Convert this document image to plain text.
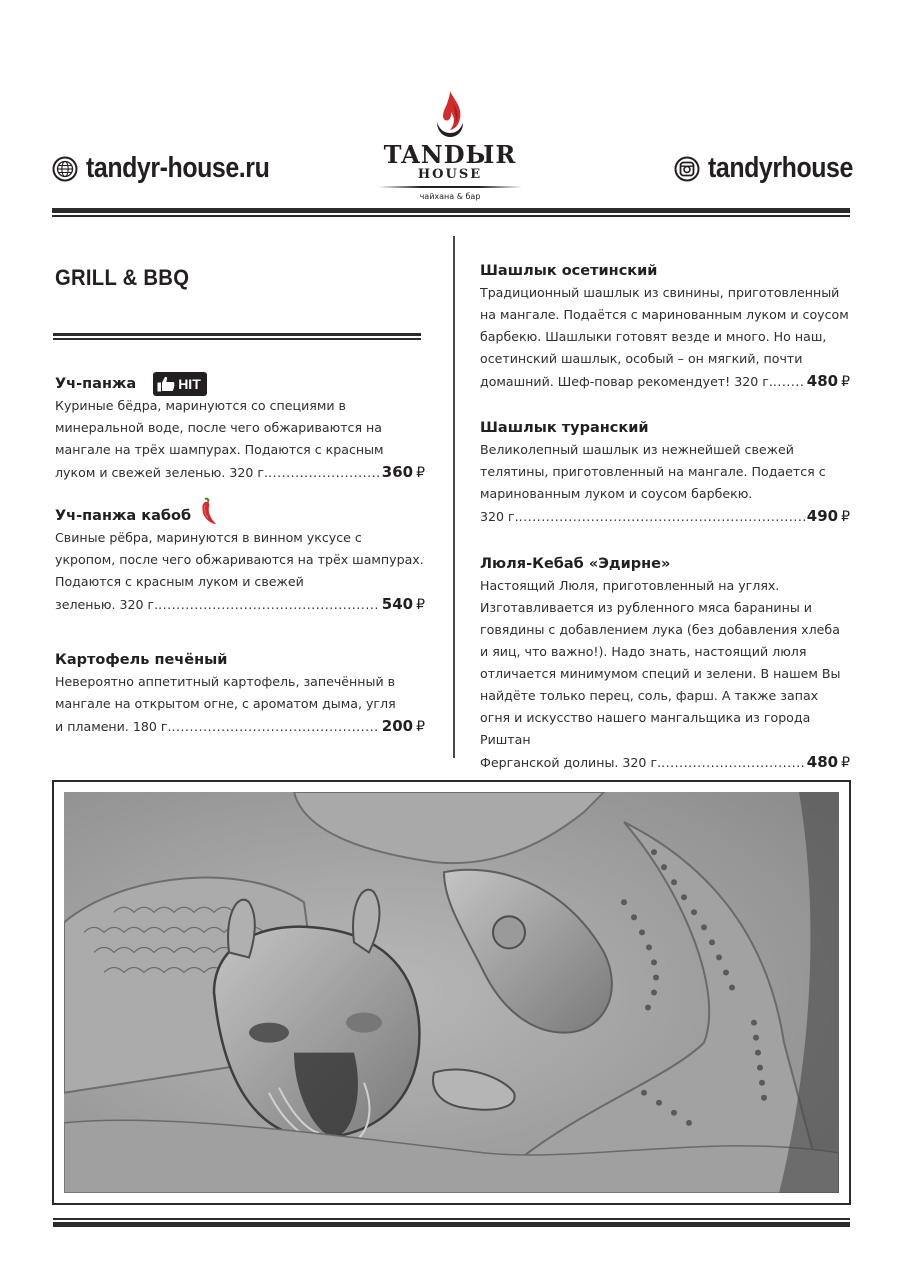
tandyr-house.ru	TANDЫR
HOUSE
чайхана & бар
tandyrhouse
GRILL & BBQ
Уч-панжа	HIT
Куриные бёдра, маринуются со специями в минеральной воде, после чего обжариваются на мангале на трёх шампурах. Подаются с красным
луком и свежей зеленью. 320 г. .....	360 ₽
Уч-панжа кабоб
Свиные рёбра, маринуются в винном уксусе с укропом, после чего обжариваются на трёх шампурах. Подаются с красным луком и свежей
зеленью. 320 г. .....	540 ₽
Картофель печёный
Невероятно аппетитный картофель, запечённый в мангале на открытом огне, с ароматом дыма, угля
и пламени. 180 г. .....	200 ₽
Шашлык осетинский
Традиционный шашлык из свинины, приготовленный на мангале. Подаётся с маринованным луком и соусом барбекю. Шашлыки готовят везде и много. Но наш, осетинский шашлык, особый – он мягкий, почти
домашний. Шеф-повар рекомендует! 320 г. ..... 480 ₽
Шашлык туранский
Великолепный шашлык из нежнейшей свежей телятины, приготовленный на мангале. Подается с маринованным луком и соусом барбекю.
320 г. .....	490 ₽
Люля-Кебаб «Эдирне»
Настоящий Люля, приготовленный на углях. Изготавливается из рубленного мяса баранины и говядины с добавлением лука (без добавления хлеба и яиц, что важно!). Надо знать, настоящий люля отличается минимумом специй и зелени. В нашем Вы найдёте только перец, соль, фарш. А также запах огня и искусство нашего мангальщика из города Риштан
Ферганской долины. 320 г. .....	480 ₽
